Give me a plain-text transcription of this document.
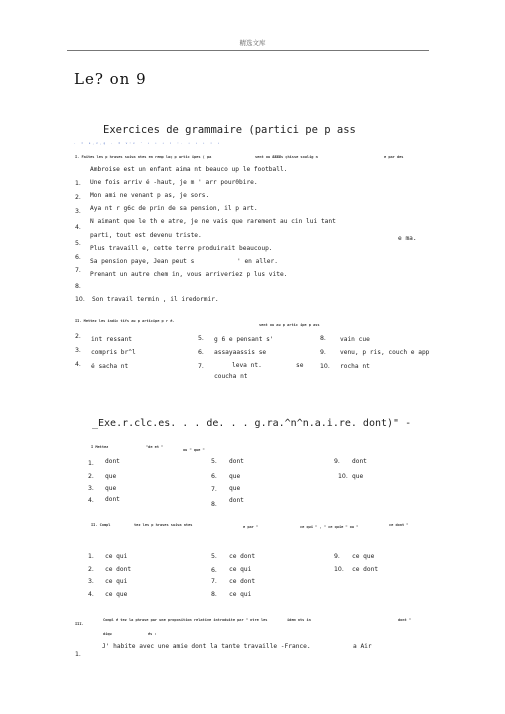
精选文库
Le? on 9
Exercices de grammaire (partici pe p ass
· = s,z,g · I v:v ’ • • • ∙ :. • • • ∙ •
I. Faites les p hrases suiva ntes en remp laç p artic ipes ( pa	sent ou ÆÆÆÆs çhisse soulig n	e par des
Ambroise est un enfant aima nt beauco up le football.
1. Une fois arriv é -haut, je m ' arr pour0bire.
2. Mon ami ne venant p as, je sors.
3. Aya nt r g6c de prin de sa pension, il p art.
4.
N aimant que le th e atre, je ne vais que rarement au cin lui tant
parti, tout est devenu triste.	e ma.
5.
Plus travaill e, cette terre produirait beaucoup.
6.
Sa pension paye, Jean peut s	' en aller.
7.
Prenant un autre chem in, vous arriveriez p lus vite.
8.
10. Son travail termin , il iredormir.
II. Mettez les indic tifs au p articipe p r é.
sent ou au p artic ipe p ass
2. int ressant
3. compris br^l
4. é sacha nt
5. g 6 e pensant s'
6. assayaassis se
7.	leva nt.	se
coucha nt
8. vain cue
9. venu, p ris, couch e app
10. rocha nt
_Exe.r.clc.es. . . de. . . g.ra.^n^n.a.i.re. dont)" -
I Mettez	"de et "
ou " que "
1. dont
2. que
3. que
4. dont
5. dont
6. que
7. que
8.
dont
9. dont
10. que
II. Compl	tez les p hrases suiva ntes	e par "	ce qui " , " ce quie " ou "	ce dont "
1. ce qui
2. ce dont
3. ce qui
4. ce que
5. ce dont
6. ce qui
7. ce dont
8. ce qui
9. ce que
10. ce dont
III.
Compl é tez la phrase par une proposition relative introduite par " ntre les	idem nts in	dont "
diqu	és :
1.
J' habite avec une amie dont la tante travaille -France.	a Air
